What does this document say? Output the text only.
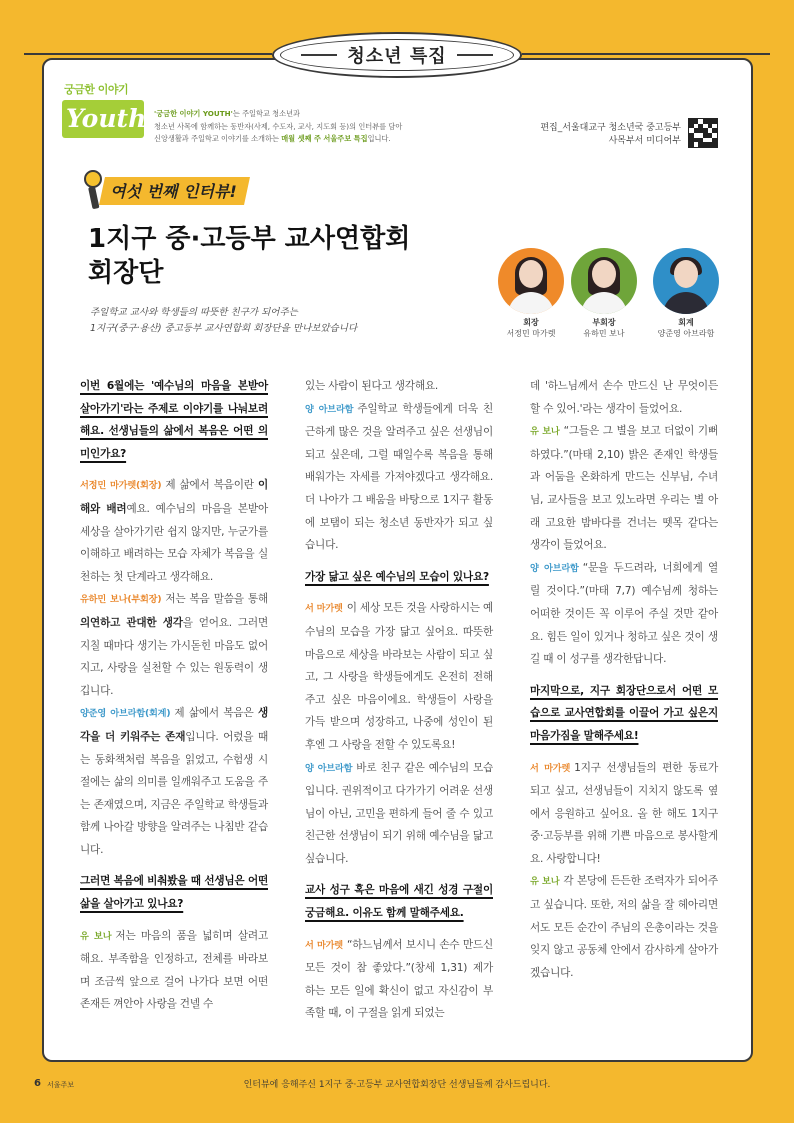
청소년 특집
궁금한 이야기
Youth '궁금한 이야기 YOUTH'는 주일학교 청소년과
청소년 사목에 함께하는 동반자(사제, 수도자, 교사, 지도회 등)의 인터뷰를 담아
신앙생활과 주일학교 이야기를 소개하는 매월 셋째 주 서울주보 특집입니다.
편집_서울대교구 청소년국 중고등부
사목부서 미디어부
여섯 번째 인터뷰!
1지구 중·고등부 교사연합회
회장단
주일학교 교사와 학생들의 따뜻한 친구가 되어주는
1지구(중구·용산) 중고등부 교사연합회 회장단을 만나보았습니다
회장
서정민 마가렛
부회장
유하민 보나
회계
양준영 아브라함

이번 6월에는 '예수님의 마음을 본받아 살아가기'라는 주제로 이야기를 나눠보려 해요. 선생님들의 삶에서 복음은 어떤 의미인가요?

서정민 마가렛(회장) 제 삶에서 복음이란 이해와 배려예요. 예수님의 마음을 본받아 세상을 살아가기란 쉽지 않지만, 누군가를 이해하고 배려하는 모습 자체가 복음을 실천하는 첫 단계라고 생각해요.

유하민 보나(부회장) 저는 복음 말씀을 통해 의연하고 관대한 생각을 얻어요. 그러면 지칠 때마다 생기는 가시돋힌 마음도 없어지고, 사랑을 실천할 수 있는 원동력이 생깁니다.

양준영 아브라함(회계) 제 삶에서 복음은 생각을 더 키워주는 존재입니다. 어렸을 때는 동화책처럼 복음을 읽었고, 수험생 시절에는 삶의 의미를 일깨워주고 도움을 주는 존재였으며, 지금은 주일학교 학생들과 함께 나아갈 방향을 알려주는 나침반 같습니다.

그러면 복음에 비춰봤을 때 선생님은 어떤 삶을 살아가고 있나요?

유 보나 저는 마음의 품을 넓히며 살려고 해요. 부족함을 인정하고, 전체를 바라보며 조금씩 앞으로 걸어 나가다 보면 어떤 존재든 껴안아 사랑을 건넬 수

있는 사람이 된다고 생각해요.

양 아브라함 주일학교 학생들에게 더욱 친근하게 많은 것을 알려주고 싶은 선생님이 되고 싶은데, 그럴 때일수록 복음을 통해 배워가는 자세를 가져야겠다고 생각해요. 더 나아가 그 배움을 바탕으로 1지구 활동에 보탬이 되는 청소년 동반자가 되고 싶습니다.

가장 닮고 싶은 예수님의 모습이 있나요?

서 마가렛 이 세상 모든 것을 사랑하시는 예수님의 모습을 가장 닮고 싶어요. 따뜻한 마음으로 세상을 바라보는 사람이 되고 싶고, 그 사랑을 학생들에게도 온전히 전해주고 싶은 마음이에요. 학생들이 사랑을 가득 받으며 성장하고, 나중에 성인이 된 후엔 그 사랑을 전할 수 있도록요!

양 아브라함 바로 친구 같은 예수님의 모습입니다. 권위적이고 다가가기 어려운 선생님이 아닌, 고민을 편하게 들어 줄 수 있고 친근한 선생님이 되기 위해 예수님을 닮고 싶습니다.

교사 성구 혹은 마음에 새긴 성경 구절이 궁금해요. 이유도 함께 말해주세요.

서 마가렛 “하느님께서 보시니 손수 만드신 모든 것이 참 좋았다.”(창세 1,31) 제가 하는 모든 일에 확신이 없고 자신감이 부족할 때, 이 구절을 읽게 되었는

데 '하느님께서 손수 만드신 난 무엇이든 할 수 있어.'라는 생각이 들었어요.

유 보나 “그들은 그 별을 보고 더없이 기뻐하였다.”(마태 2,10) 밝은 존재인 학생들과 어둠을 온화하게 만드는 신부님, 수녀님, 교사들을 보고 있노라면 우리는 별 아래 고요한 밤바다를 건너는 뗏목 같다는 생각이 들었어요.

양 아브라함 “문을 두드려라, 너희에게 열릴 것이다.”(마태 7,7) 예수님께 청하는 어떠한 것이든 꼭 이루어 주실 것만 같아요. 힘든 일이 있거나 청하고 싶은 것이 생길 때 이 성구를 생각한답니다.

마지막으로, 지구 회장단으로서 어떤 모습으로 교사연합회를 이끌어 가고 싶은지 마음가짐을 말해주세요!

서 마가렛 1지구 선생님들의 편한 동료가 되고 싶고, 선생님들이 지치지 않도록 옆에서 응원하고 싶어요. 올 한 해도 1지구 중·고등부를 위해 기쁜 마음으로 봉사할게요. 사랑합니다!

유 보나 각 본당에 든든한 조력자가 되어주고 싶습니다. 또한, 저의 삶을 잘 헤아리면서도 모든 순간이 주님의 은총이라는 것을 잊지 않고 공동체 안에서 감사하게 살아가겠습니다.

6 서울주보	인터뷰에 응해주신 1지구 중·고등부 교사연합회장단 선생님들께 감사드립니다.
